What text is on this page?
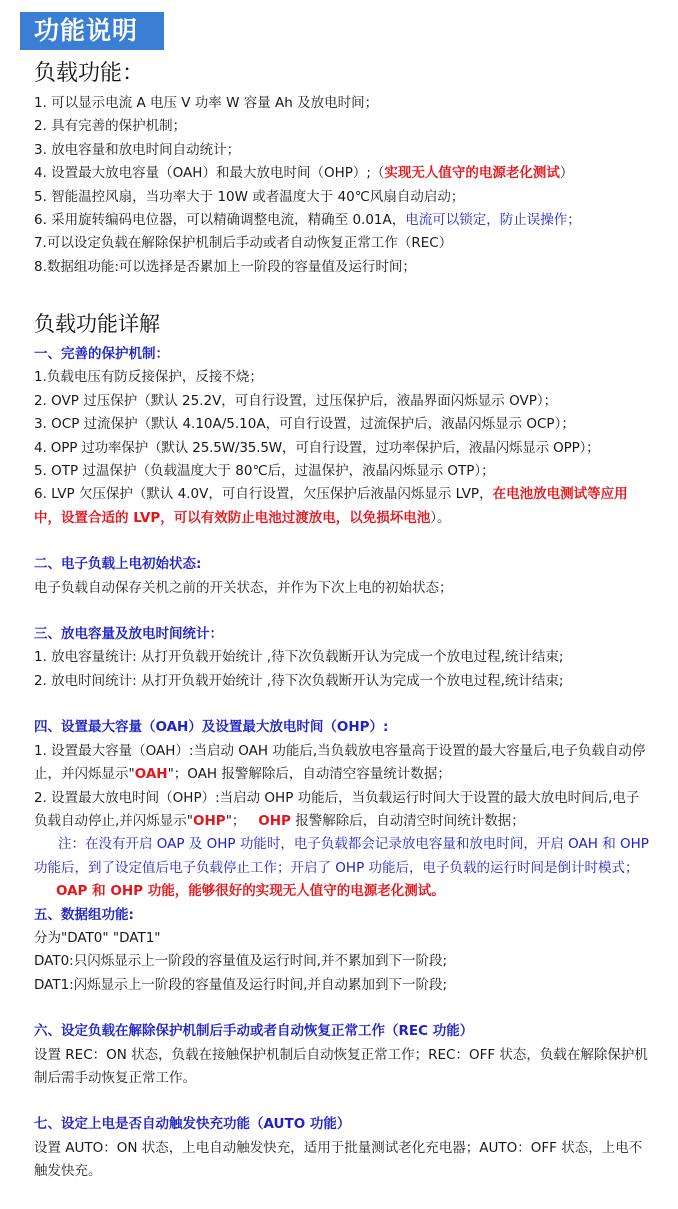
功能说明
负载功能：
1. 可以显示电流 A 电压 V 功率 W 容量 Ah 及放电时间；
2. 具有完善的保护机制；
3. 放电容量和放电时间自动统计；
4. 设置最大放电容量（OAH）和最大放电时间（OHP）;（实现无人值守的电源老化测试）
5. 智能温控风扇，当功率大于 10W 或者温度大于 40℃风扇自动启动；
6. 采用旋转编码电位器，可以精确调整电流，精确至 0.01A，电流可以锁定，防止误操作；
7.可以设定负载在解除保护机制后手动或者自动恢复正常工作（REC）
8.数据组功能:可以选择是否累加上一阶段的容量值及运行时间；
负载功能详解
一、完善的保护机制：
1.负载电压有防反接保护，反接不烧；
2. OVP 过压保护（默认 25.2V，可自行设置，过压保护后，液晶界面闪烁显示 OVP）；
3. OCP 过流保护（默认 4.10A/5.10A，可自行设置，过流保护后，液晶闪烁显示 OCP）；
4. OPP 过功率保护（默认 25.5W/35.5W，可自行设置，过功率保护后，液晶闪烁显示 OPP）；
5. OTP 过温保护（负载温度大于 80℃后，过温保护，液晶闪烁显示 OTP）；
6. LVP 欠压保护（默认 4.0V，可自行设置，欠压保护后液晶闪烁显示 LVP，在电池放电测试等应用中，设置合适的 LVP，可以有效防止电池过渡放电，以免损坏电池）。
二、电子负载上电初始状态:
电子负载自动保存关机之前的开关状态，并作为下次上电的初始状态；
三、放电容量及放电时间统计：
1. 放电容量统计: 从打开负载开始统计 ,待下次负载断开认为完成一个放电过程,统计结束;
2. 放电时间统计: 从打开负载开始统计 ,待下次负载断开认为完成一个放电过程,统计结束;
四、设置最大容量（OAH）及设置最大放电时间（OHP）:
1. 设置最大容量（OAH）:当启动 OAH 功能后,当负载放电容量高于设置的最大容量后,电子负载自动停止，并闪烁显示"OAH"；OAH 报警解除后，自动清空容量统计数据；
2. 设置最大放电时间（OHP）:当启动 OHP 功能后，当负载运行时间大于设置的最大放电时间后,电子负载自动停止,并闪烁显示"OHP"；   OHP 报警解除后，自动清空时间统计数据；
注：在没有开启 OAP 及 OHP 功能时，电子负载都会记录放电容量和放电时间，开启 OAH 和 OHP 功能后，到了设定值后电子负载停止工作；开启了 OHP 功能后，电子负载的运行时间是倒计时模式；
OAP 和 OHP 功能，能够很好的实现无人值守的电源老化测试。
五、数据组功能:
分为"DAT0" "DAT1"
DAT0:只闪烁显示上一阶段的容量值及运行时间,并不累加到下一阶段;
DAT1:闪烁显示上一阶段的容量值及运行时间,并自动累加到下一阶段;
六、设定负载在解除保护机制后手动或者自动恢复正常工作（REC 功能）
设置 REC：ON 状态，负载在接触保护机制后自动恢复正常工作；REC：OFF 状态，负载在解除保护机制后需手动恢复正常工作。
七、设定上电是否自动触发快充功能（AUTO 功能）
设置 AUTO：ON 状态，上电自动触发快充，适用于批量测试老化充电器；AUTO：OFF 状态，上电不触发快充。
